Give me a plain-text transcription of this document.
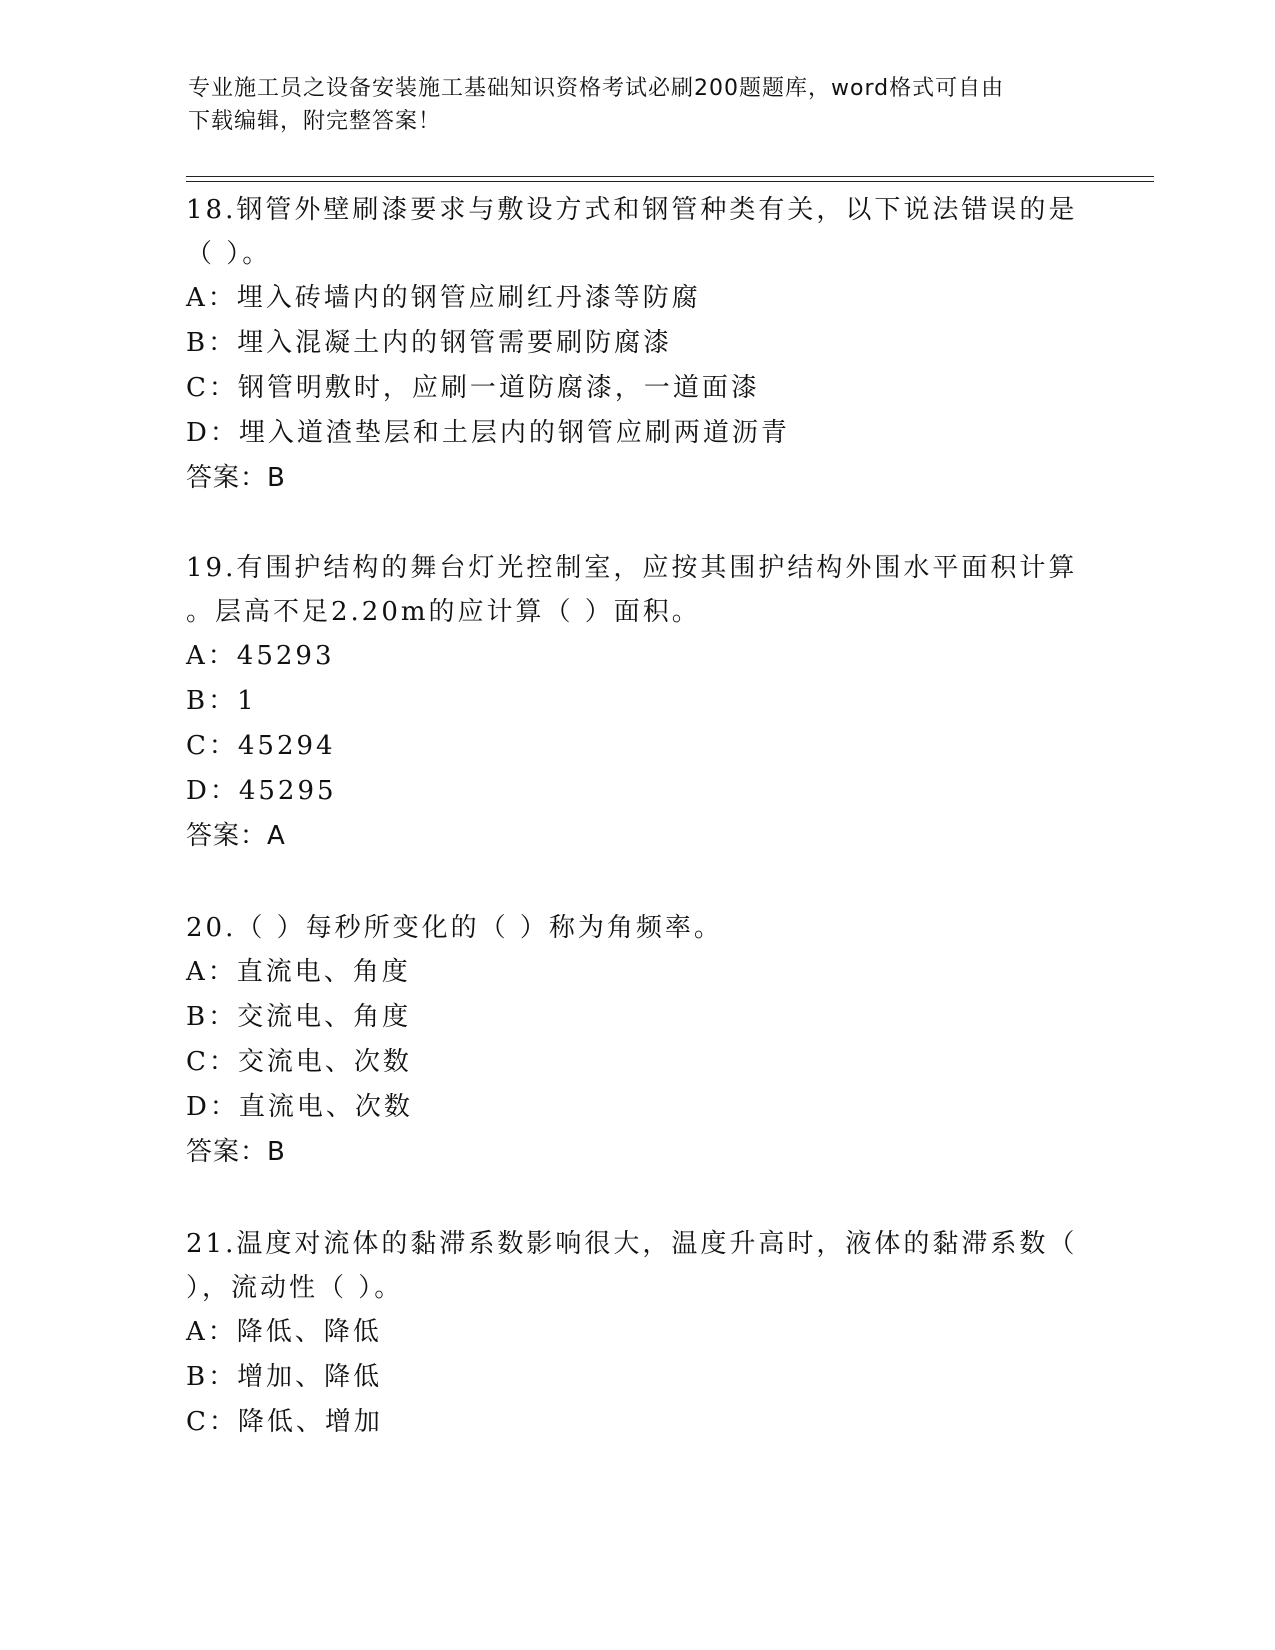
专业施工员之设备安装施工基础知识资格考试必刷200题题库，word格式可自由
下载编辑，附完整答案！
18.钢管外壁刷漆要求与敷设方式和钢管种类有关，以下说法错误的是
（ ）。
A：埋入砖墙内的钢管应刷红丹漆等防腐
B：埋入混凝土内的钢管需要刷防腐漆
C：钢管明敷时，应刷一道防腐漆，一道面漆
D：埋入道渣垫层和土层内的钢管应刷两道沥青
答案：B
19.有围护结构的舞台灯光控制室，应按其围护结构外围水平面积计算
。层高不足2.20m的应计算（ ）面积。
A：45293
B：1
C：45294
D：45295
答案：A
20.（ ）每秒所变化的（ ）称为角频率。
A：直流电、角度
B：交流电、角度
C：交流电、次数
D：直流电、次数
答案：B
21.温度对流体的黏滞系数影响很大，温度升高时，液体的黏滞系数（
），流动性（ ）。
A：降低、降低
B：增加、降低
C：降低、增加
